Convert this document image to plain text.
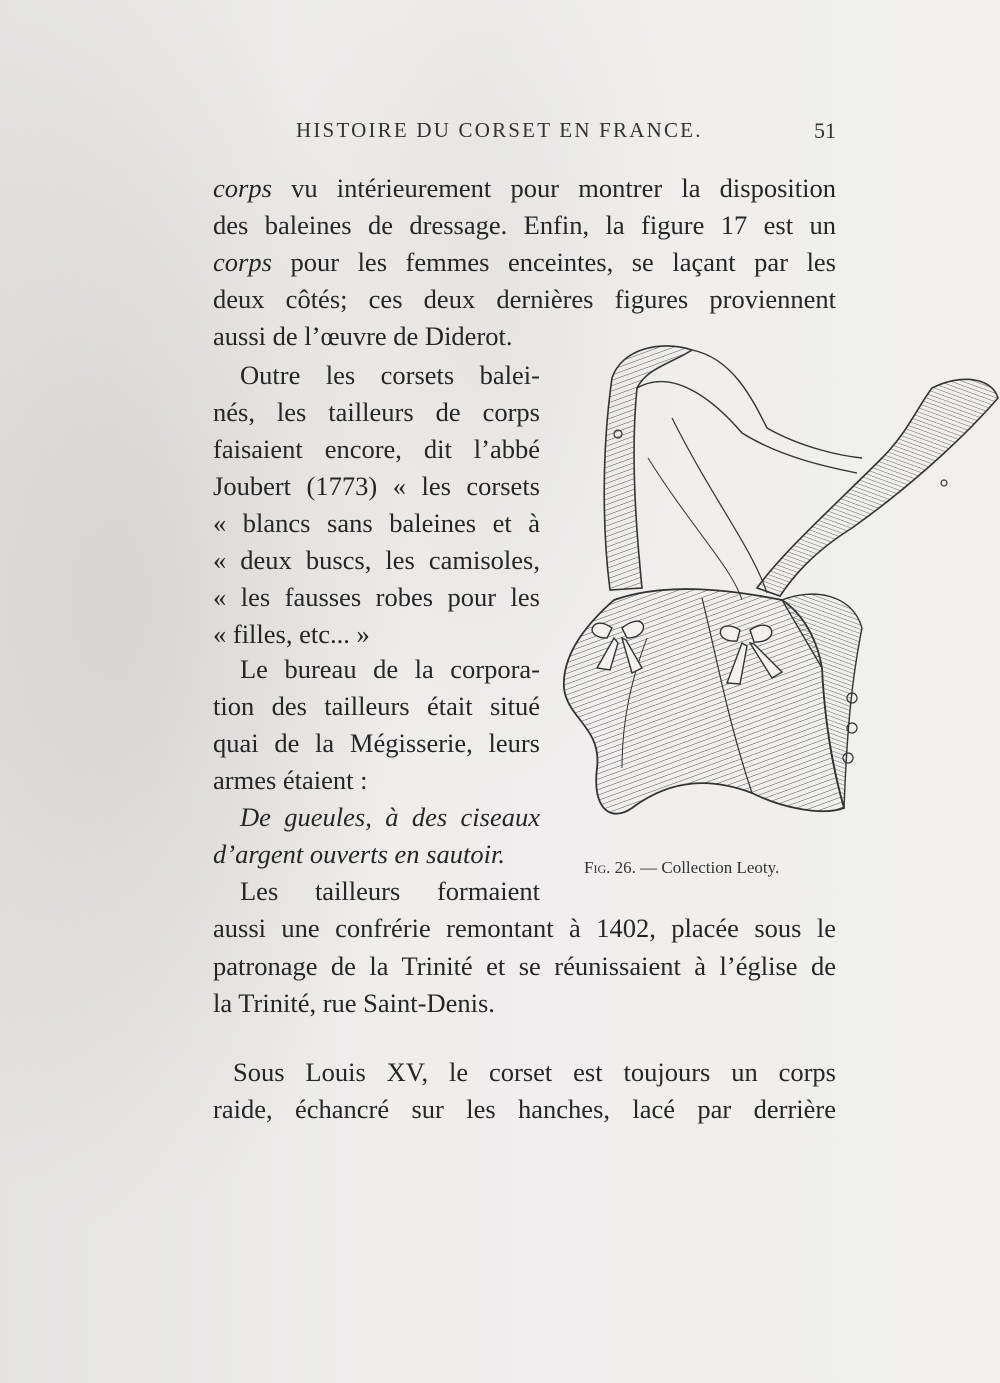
HISTOIRE DU CORSET EN FRANCE.	51
corps vu intérieurement pour montrer la disposition
des baleines de dressage. Enfin, la figure 17 est un
corps pour les femmes enceintes, se laçant par les
deux côtés; ces deux dernières figures proviennent
aussi de l’œuvre de Diderot.
Outre les corsets balei-
nés, les tailleurs de corps
faisaient encore, dit l’abbé
Joubert (1773) « les corsets
« blancs sans baleines et à
« deux buscs, les camisoles,
« les fausses robes pour les
« filles, etc... »
Le bureau de la corpora-
tion des tailleurs était situé
quai de la Mégisserie, leurs
armes étaient :
De gueules, à des ciseaux
d’argent ouverts en sautoir.
Les tailleurs formaient
aussi une confrérie remontant à 1402, placée sous le
patronage de la Trinité et se réunissaient à l’église de
la Trinité, rue Saint-Denis.
Sous Louis XV, le corset est toujours un corps
raide, échancré sur les hanches, lacé par derrière
Fig. 26. — Collection Leoty.
